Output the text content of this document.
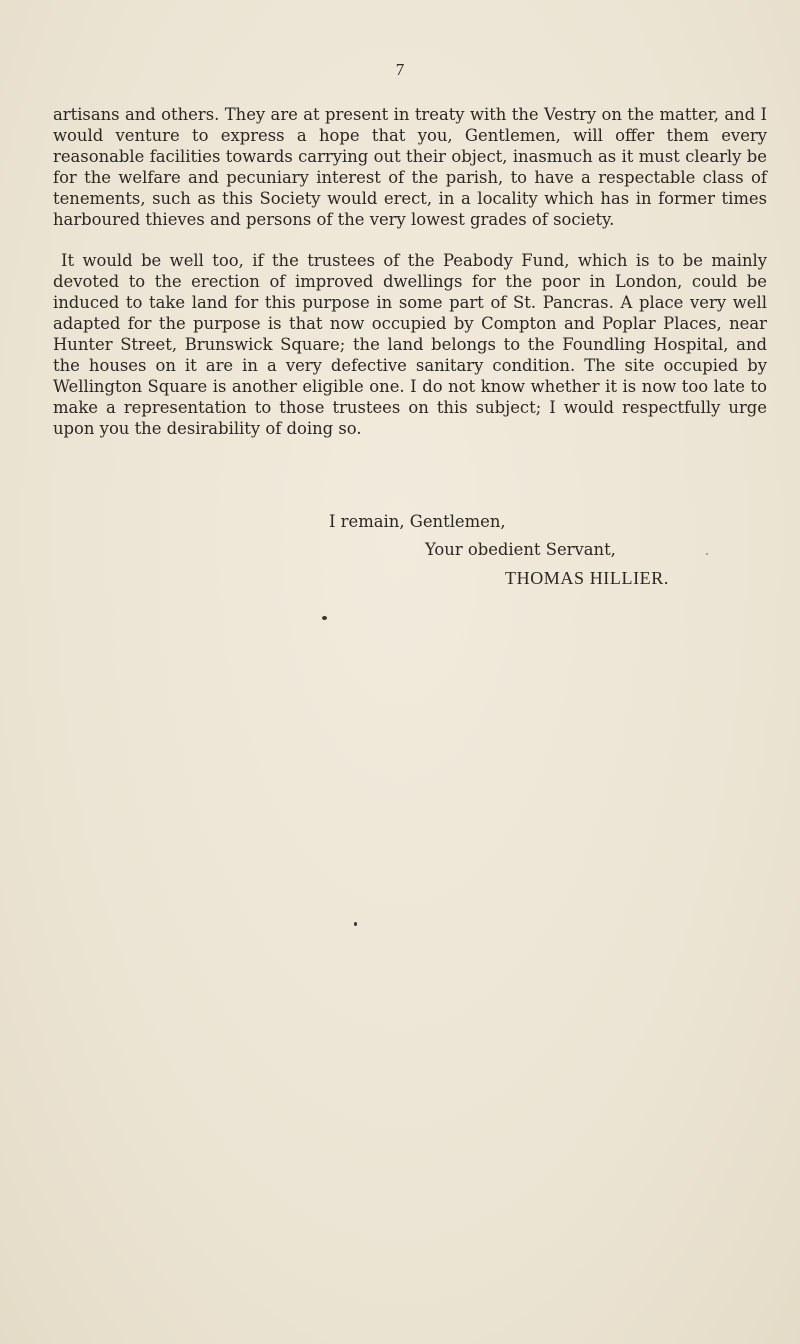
7

artisans and others. They are at present in treaty with the Vestry on the matter, and I would venture to express a hope that you, Gentlemen, will offer them every reasonable facilities towards carrying out their object, inasmuch as it must clearly be for the welfare and pecuniary interest of the parish, to have a respectable class of tenements, such as this Society would erect, in a locality which has in former times harboured thieves and persons of the very lowest grades of society.

It would be well too, if the trustees of the Peabody Fund, which is to be mainly devoted to the erection of improved dwellings for the poor in London, could be induced to take land for this purpose in some part of St. Pancras. A place very well adapted for the purpose is that now occupied by Compton and Poplar Places, near Hunter Street, Brunswick Square; the land belongs to the Foundling Hospital, and the houses on it are in a very defective sanitary condition. The site occupied by Wellington Square is another eligible one. I do not know whether it is now too late to make a representation to those trustees on this subject; I would respectfully urge upon you the desirability of doing so.

I remain, Gentlemen,
Your obedient Servant,
THOMAS HILLIER.
